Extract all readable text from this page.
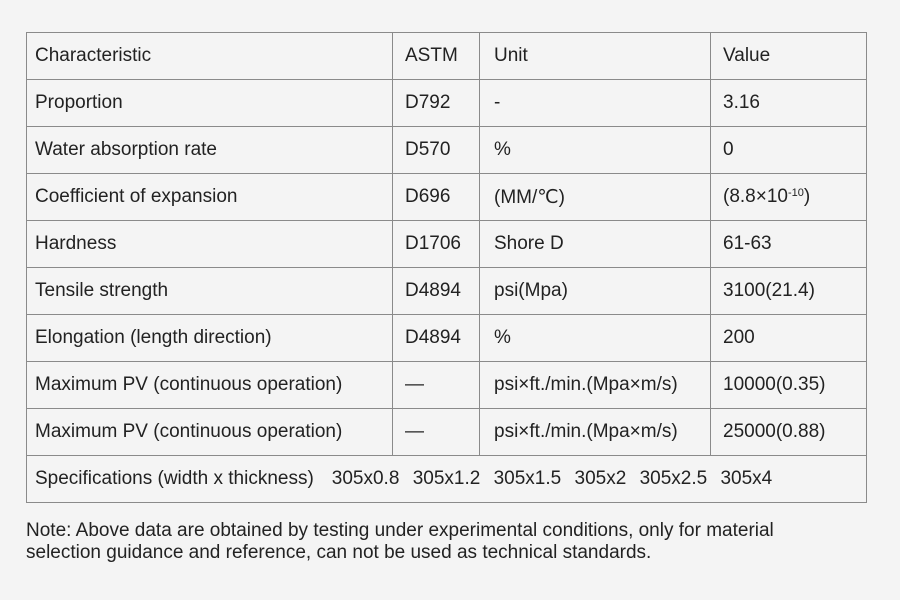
Characteristic	ASTM	Unit	Value
Proportion	D792	-	3.16
Water absorption rate	D570	%	0
Coefficient of expansion	D696	(MM/℃)	$(8.8\times 10^{-10})$
Hardness	D1706	Shore D	61-63
Tensile strength	D4894	psi(Mpa)	3100(21.4)
Elongation (length direction)	D4894	%	200
Maximum PV (continuous operation)	—	psi×ft./min.(Mpa×m/s)	10000(0.35)
Maximum PV (continuous operation)	—	psi×ft./min.(Mpa×m/s)	25000(0.88)
Specifications (width x thickness) 305x0.8 305x1.2 305x1.5 305x2 305x2.5 305x4			
Note: Above data are obtained by testing under experimental conditions, only for material
selection guidance and reference, can not be used as technical standards.
